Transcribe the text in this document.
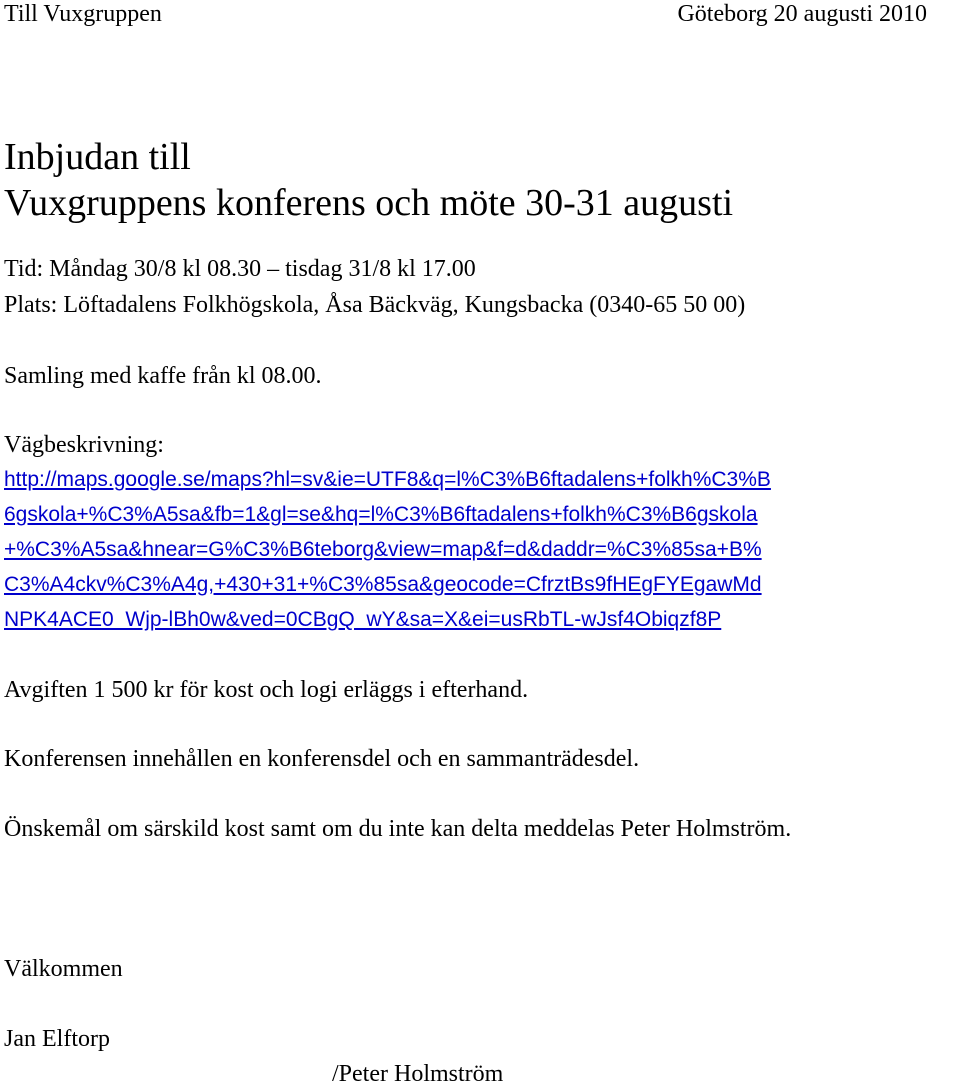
Till Vuxgruppen	Göteborg 20 augusti 2010
Inbjudan till
Vuxgruppens konferens och möte 30-31 augusti
Tid: Måndag 30/8 kl 08.30 – tisdag 31/8 kl 17.00
Plats: Löftadalens Folkhögskola, Åsa Bäckväg, Kungsbacka (0340-65 50 00)
Samling med kaffe från kl 08.00.
Vägbeskrivning:
http://maps.google.se/maps?hl=sv&ie=UTF8&q=l%C3%B6ftadalens+folkh%C3%B
6gskola+%C3%A5sa&fb=1&gl=se&hq=l%C3%B6ftadalens+folkh%C3%B6gskola
+%C3%A5sa&hnear=G%C3%B6teborg&view=map&f=d&daddr=%C3%85sa+B%
C3%A4ckv%C3%A4g,+430+31+%C3%85sa&geocode=CfrztBs9fHEgFYEgawMd
NPK4ACE0_Wjp-lBh0w&ved=0CBgQ_wY&sa=X&ei=usRbTL-wJsf4Obiqzf8P
Avgiften 1 500 kr för kost och logi erläggs i efterhand.
Konferensen innehållen en konferensdel och en sammanträdesdel.
Önskemål om särskild kost samt om du inte kan delta meddelas Peter Holmström.
Välkommen
Jan Elftorp
/Peter Holmström
